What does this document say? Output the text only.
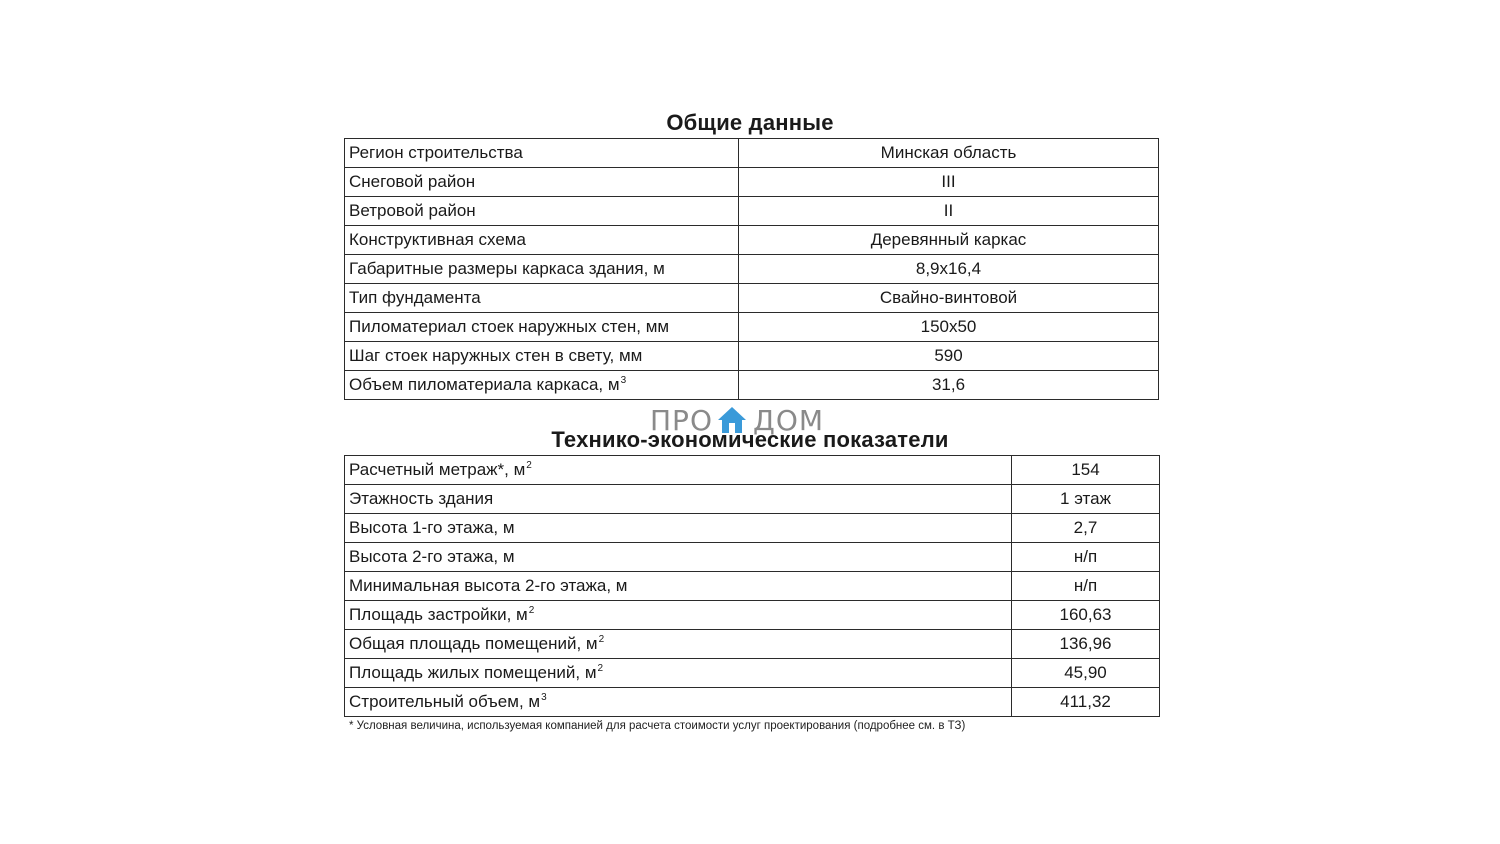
Общие данные
Регион строительства	Минская область
Снеговой район	III
Ветровой район	II
Конструктивная схема	Деревянный каркас
Габаритные размеры каркаса здания, м	8,9х16,4
Тип фундамента	Свайно-винтовой
Пиломатериал стоек наружных стен, мм	150х50
Шаг стоек наружных стен в свету, мм	590
Объем пиломатериала каркаса, $м^3$	31,6
ПРО ДОМ
Технико-экономические показатели
Расчетный метраж*, $м^2$	154
Этажность здания	1 этаж
Высота 1-го этажа, м	2,7
Высота 2-го этажа, м	н/п
Минимальная высота 2-го этажа, м	н/п
Площадь застройки, $м^2$	160,63
Общая площадь помещений, $м^2$	136,96
Площадь жилых помещений, $м^2$	45,90
Строительный объем, $м^3$	411,32
* Условная величина, используемая компанией для расчета стоимости услуг проектирования (подробнее см. в ТЗ)
